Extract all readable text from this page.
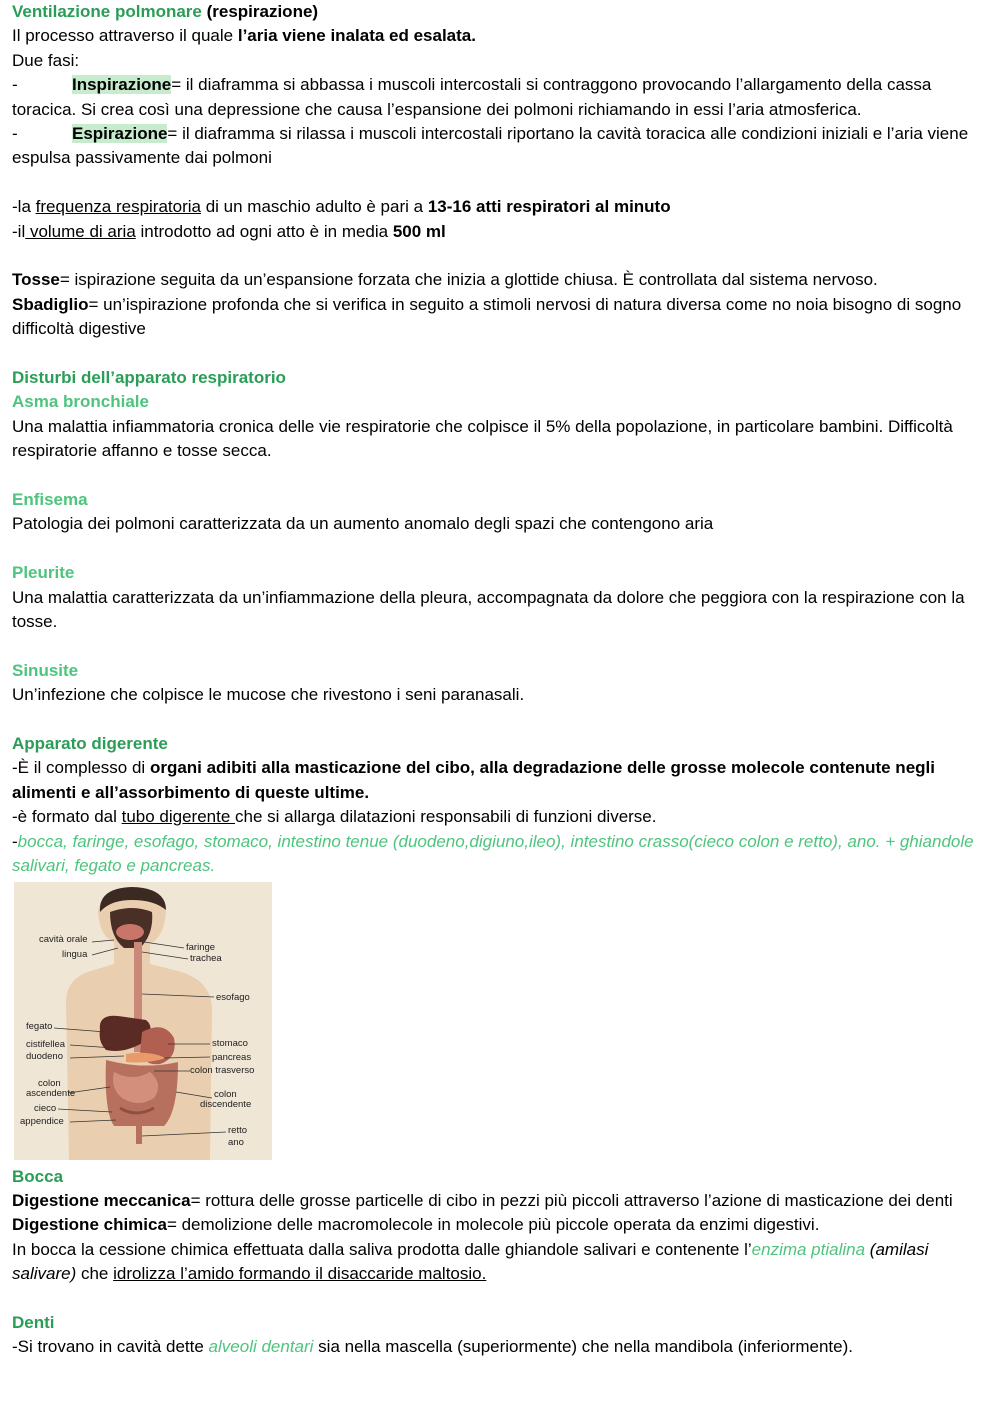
Ventilazione polmonare (respirazione)

Il processo attraverso il quale l’aria viene inalata ed esalata.

Due fasi:

-	Inspirazione= il diaframma si abbassa i muscoli intercostali si contraggono provocando l’allargamento della cassa toracica. Si crea così una depressione che causa l’espansione dei polmoni richiamando in essi l’aria atmosferica.

-	Espirazione= il diaframma si rilassa i muscoli intercostali riportano la cavità toracica alle condizioni iniziali e l’aria viene espulsa passivamente dai polmoni

-la frequenza respiratoria di un maschio adulto è pari a 13-16 atti respiratori al minuto

-il volume di aria introdotto ad ogni atto è in media 500 ml

Tosse= ispirazione seguita da un’espansione forzata che inizia a glottide chiusa. È controllata dal sistema nervoso.

Sbadiglio= un’ispirazione profonda che si verifica in seguito a stimoli nervosi di natura diversa come no noia bisogno di sogno difficoltà digestive

Disturbi dell’apparato respiratorio

Asma bronchiale

Una malattia infiammatoria cronica delle vie respiratorie che colpisce il 5% della popolazione, in particolare bambini. Difficoltà respiratorie affanno e tosse secca.

Enfisema

Patologia dei polmoni caratterizzata da un aumento anomalo degli spazi che contengono aria

Pleurite

Una malattia caratterizzata da un’infiammazione della pleura, accompagnata da dolore che peggiora con la respirazione con la tosse.

Sinusite

Un’infezione che colpisce le mucose che rivestono i seni paranasali.

Apparato digerente

-È il complesso di organi adibiti alla masticazione del cibo, alla degradazione delle grosse molecole contenute negli alimenti e all’assorbimento di queste ultime.

-è formato dal tubo digerente che si allarga dilatazioni responsabili di funzioni diverse.

-bocca, faringe, esofago, stomaco, intestino tenue (duodeno,digiuno,ileo), intestino crasso(cieco colon e retto), ano. + ghiandole salivari, fegato e pancreas.

cavità orale
lingua
faringe
trachea
esofago
fegato
cistifellea
duodeno
stomaco
pancreas
colon trasverso
colon
ascendente	colon
discendente
cieco
appendice
retto
ano

Bocca

Digestione meccanica= rottura delle grosse particelle di cibo in pezzi più piccoli attraverso l’azione di masticazione dei denti

Digestione chimica= demolizione delle macromolecole in molecole più piccole operata da enzimi digestivi.

In bocca la cessione chimica effettuata dalla saliva prodotta dalle ghiandole salivari e contenente l’enzima ptialina (amilasi salivare) che idrolizza l’amido formando il disaccaride maltosio.

Denti

-Si trovano in cavità dette alveoli dentari sia nella mascella (superiormente) che nella mandibola (inferiormente).
